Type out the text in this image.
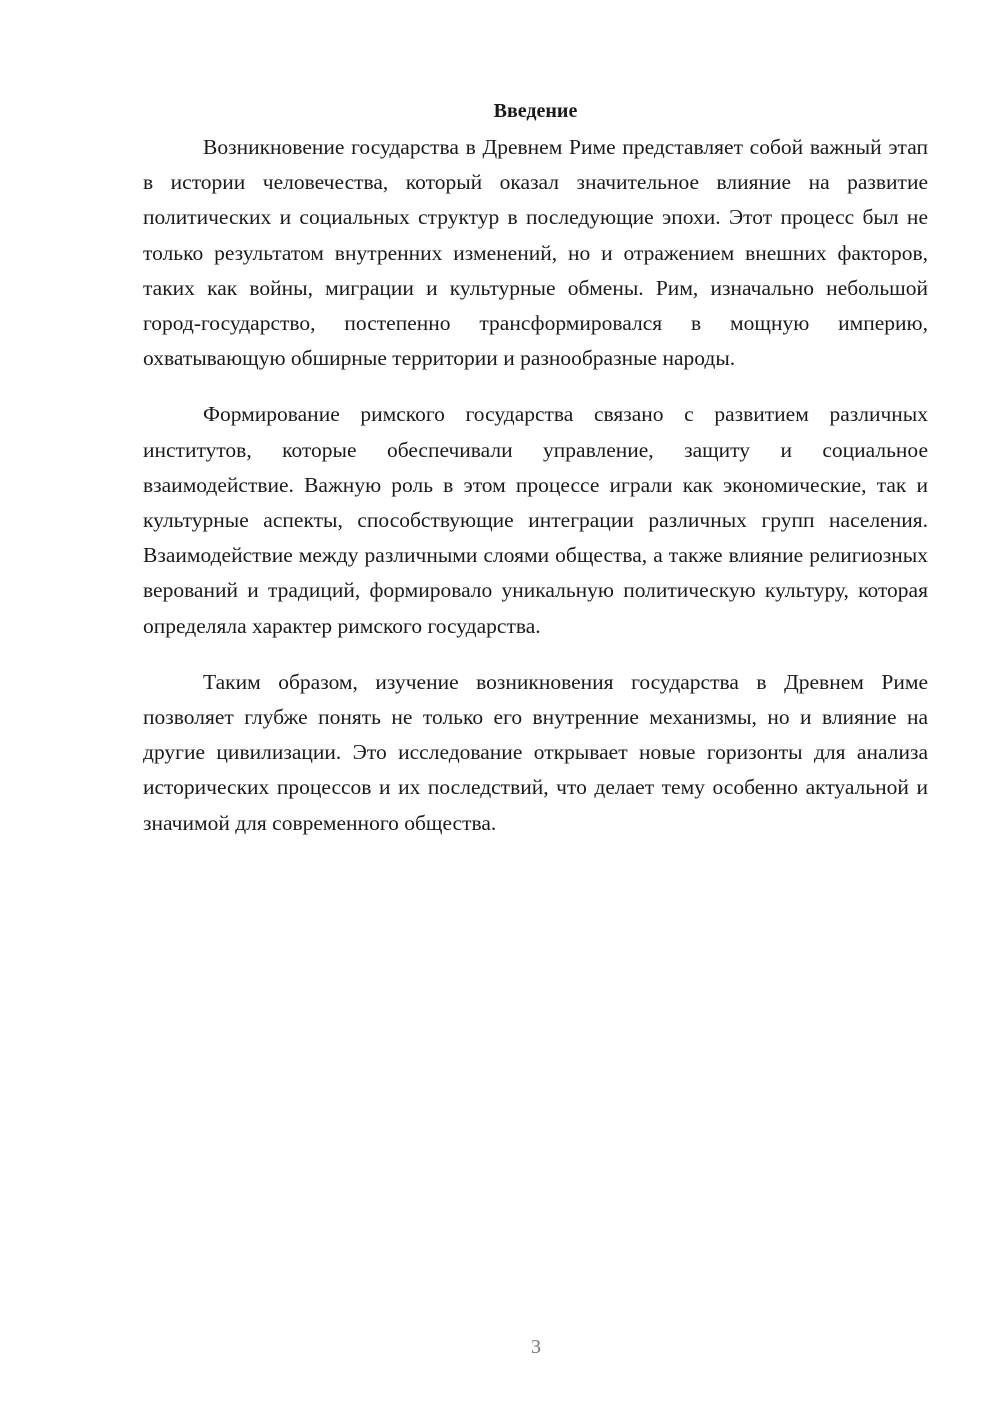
Введение

Возникновение государства в Древнем Риме представляет собой важный этап в истории человечества, который оказал значительное влияние на развитие политических и социальных структур в последующие эпохи. Этот процесс был не только результатом внутренних изменений, но и отражением внешних факторов, таких как войны, миграции и культурные обмены. Рим, изначально небольшой город-государство, постепенно трансформировался в мощную империю, охватывающую обширные территории и разнообразные народы.

Формирование римского государства связано с развитием различных институтов, которые обеспечивали управление, защиту и социальное взаимодействие. Важную роль в этом процессе играли как экономические, так и культурные аспекты, способствующие интеграции различных групп населения. Взаимодействие между различными слоями общества, а также влияние религиозных верований и традиций, формировало уникальную политическую культуру, которая определяла характер римского государства.

Таким образом, изучение возникновения государства в Древнем Риме позволяет глубже понять не только его внутренние механизмы, но и влияние на другие цивилизации. Это исследование открывает новые горизонты для анализа исторических процессов и их последствий, что делает тему особенно актуальной и значимой для современного общества.

3
